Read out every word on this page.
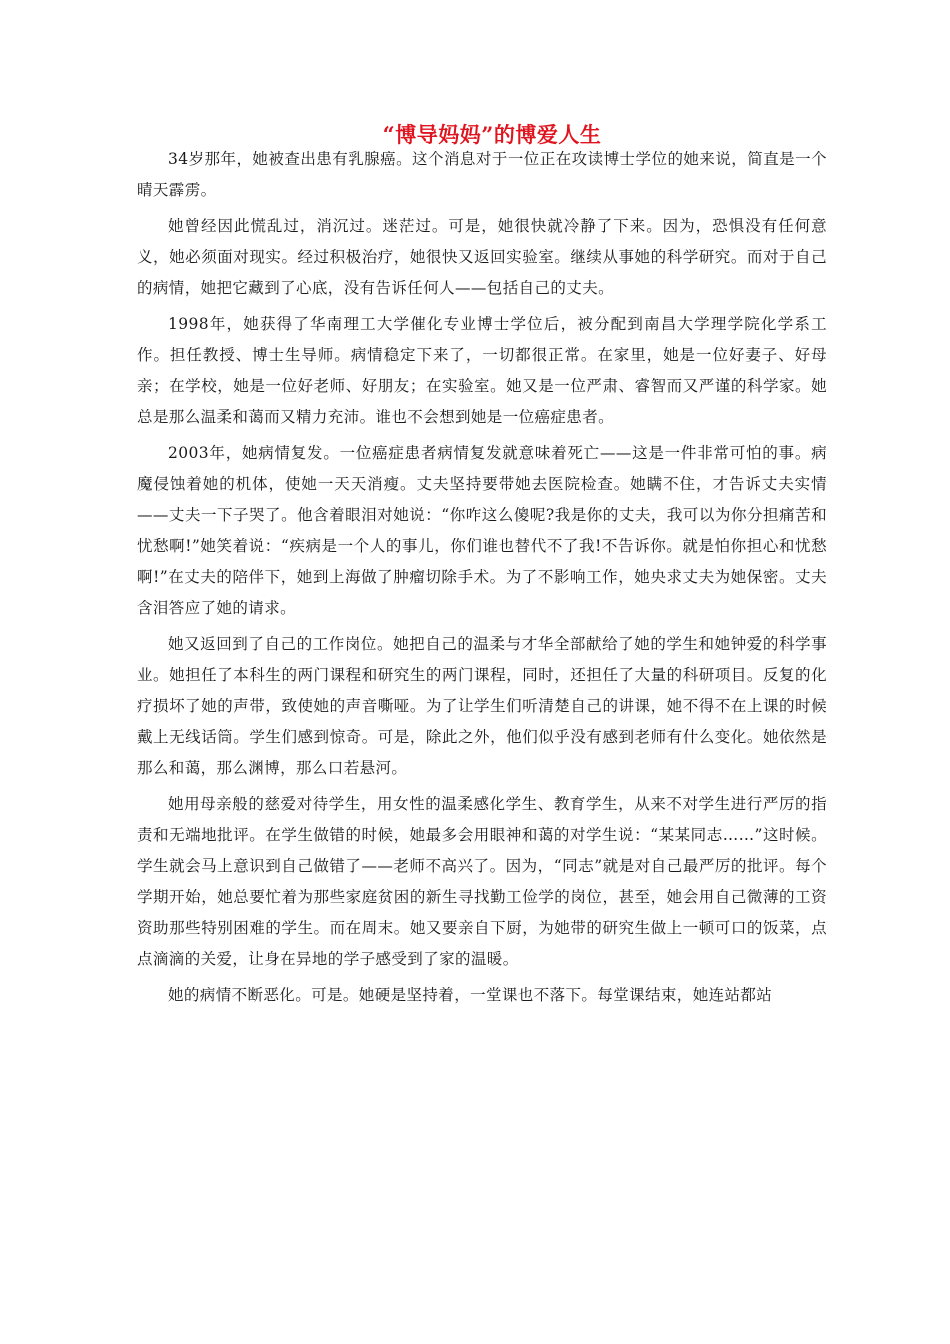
“博导妈妈”的博爱人生

34岁那年，她被查出患有乳腺癌。这个消息对于一位正在攻读博士学位的她来说，简直是一个晴天霹雳。

她曾经因此慌乱过，消沉过。迷茫过。可是，她很快就冷静了下来。因为，恐惧没有任何意义，她必须面对现实。经过积极治疗，她很快又返回实验室。继续从事她的科学研究。而对于自己的病情，她把它藏到了心底，没有告诉任何人——包括自己的丈夫。

1998年，她获得了华南理工大学催化专业博士学位后，被分配到南昌大学理学院化学系工作。担任教授、博士生导师。病情稳定下来了，一切都很正常。在家里，她是一位好妻子、好母亲；在学校，她是一位好老师、好朋友；在实验室。她又是一位严肃、睿智而又严谨的科学家。她总是那么温柔和蔼而又精力充沛。谁也不会想到她是一位癌症患者。

2003年，她病情复发。一位癌症患者病情复发就意味着死亡——这是一件非常可怕的事。病魔侵蚀着她的机体，使她一天天消瘦。丈夫坚持要带她去医院检查。她瞒不住，才告诉丈夫实情——丈夫一下子哭了。他含着眼泪对她说：“你咋这么傻呢?我是你的丈夫，我可以为你分担痛苦和忧愁啊!”她笑着说：“疾病是一个人的事儿，你们谁也替代不了我!不告诉你。就是怕你担心和忧愁啊!”在丈夫的陪伴下，她到上海做了肿瘤切除手术。为了不影响工作，她央求丈夫为她保密。丈夫含泪答应了她的请求。

她又返回到了自己的工作岗位。她把自己的温柔与才华全部献给了她的学生和她钟爱的科学事业。她担任了本科生的两门课程和研究生的两门课程，同时，还担任了大量的科研项目。反复的化疗损坏了她的声带，致使她的声音嘶哑。为了让学生们听清楚自己的讲课，她不得不在上课的时候戴上无线话筒。学生们感到惊奇。可是，除此之外，他们似乎没有感到老师有什么变化。她依然是那么和蔼，那么渊博，那么口若悬河。

她用母亲般的慈爱对待学生，用女性的温柔感化学生、教育学生，从来不对学生进行严厉的指责和无端地批评。在学生做错的时候，她最多会用眼神和蔼的对学生说：“某某同志……”这时候。学生就会马上意识到自己做错了——老师不高兴了。因为，“同志”就是对自己最严厉的批评。每个学期开始，她总要忙着为那些家庭贫困的新生寻找勤工俭学的岗位，甚至，她会用自己微薄的工资资助那些特别困难的学生。而在周末。她又要亲自下厨，为她带的研究生做上一顿可口的饭菜，点点滴滴的关爱，让身在异地的学子感受到了家的温暖。

她的病情不断恶化。可是。她硬是坚持着，一堂课也不落下。每堂课结束，她连站都站
